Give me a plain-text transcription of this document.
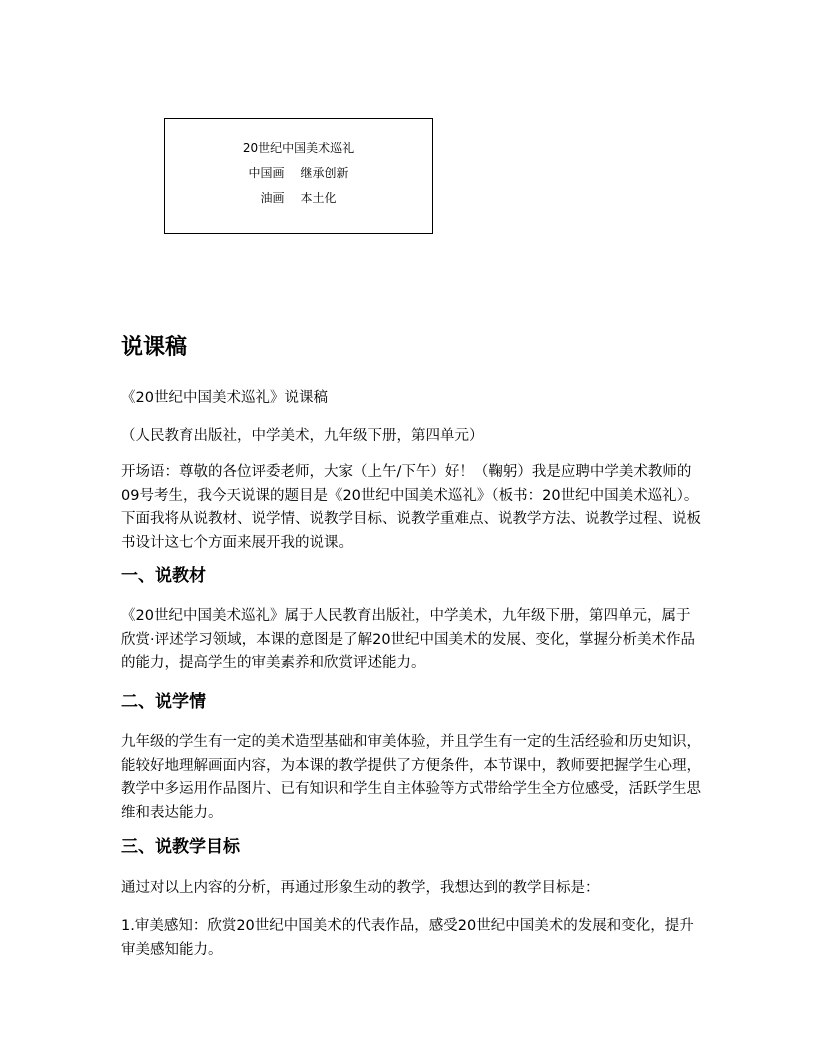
20世纪中国美术巡礼
中国画 继承创新
油画 本土化
说课稿

《20世纪中国美术巡礼》说课稿

（人民教育出版社，中学美术，九年级下册，第四单元）

开场语：尊敬的各位评委老师，大家（上午/下午）好！（鞠躬）我是应聘中学美术教师的09号考生，我今天说课的题目是《20世纪中国美术巡礼》（板书：20世纪中国美术巡礼）。下面我将从说教材、说学情、说教学目标、说教学重难点、说教学方法、说教学过程、说板书设计这七个方面来展开我的说课。

一、说教材

《20世纪中国美术巡礼》属于人民教育出版社，中学美术，九年级下册，第四单元，属于欣赏·评述学习领域，本课的意图是了解20世纪中国美术的发展、变化，掌握分析美术作品的能力，提高学生的审美素养和欣赏评述能力。

二、说学情

九年级的学生有一定的美术造型基础和审美体验，并且学生有一定的生活经验和历史知识，能较好地理解画面内容，为本课的教学提供了方便条件，本节课中，教师要把握学生心理，教学中多运用作品图片、已有知识和学生自主体验等方式带给学生全方位感受，活跃学生思维和表达能力。

三、说教学目标

通过对以上内容的分析，再通过形象生动的教学，我想达到的教学目标是：

1.审美感知：欣赏20世纪中国美术的代表作品，感受20世纪中国美术的发展和变化，提升审美感知能力。
